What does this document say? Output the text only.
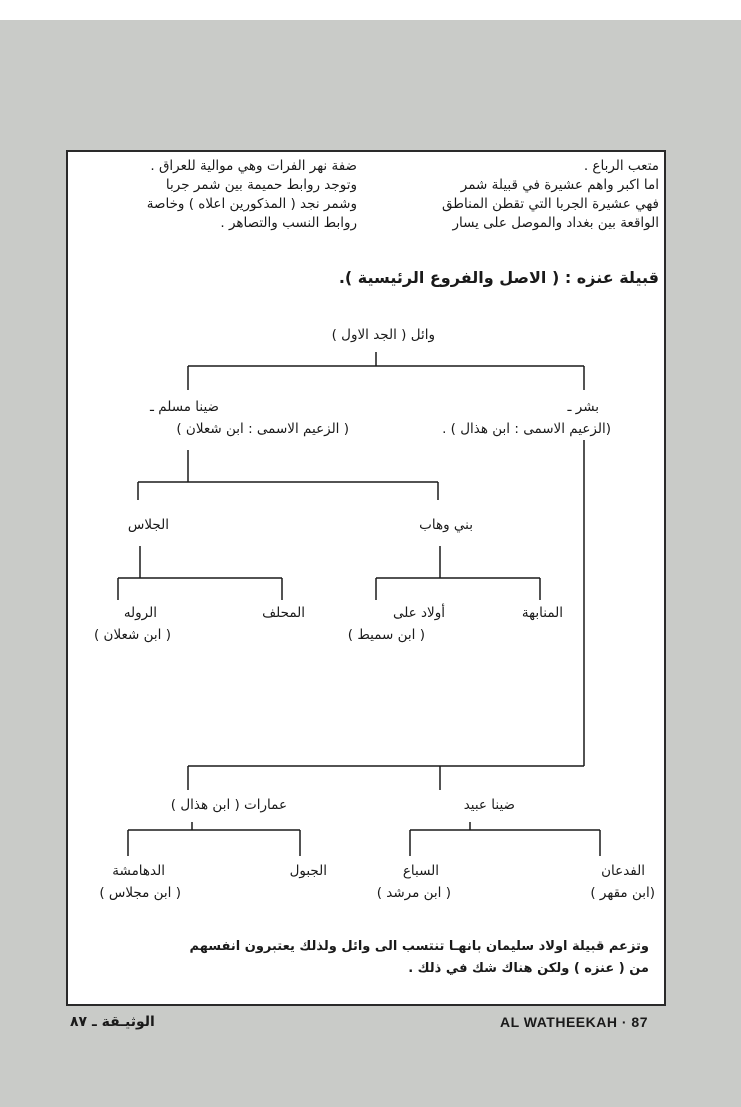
ضفة نهر الفرات وهي موالية للعراق .
وتوجد روابط حميمة بين شمر جربا
وشمر نجد ( المذكورين اعلاه ) وخاصة
روابط النسب والتصاهر .
متعب الرباع .
اما اكبر واهم عشيرة في قبيلة شمر
فهي عشيرة الجربا التي تقطن المناطق
الواقعة بين بغداد والموصل على يسار
قبيلة عنزه : ( الاصل والفروع الرئيسية ).
وائل ( الجد الاول )
ضينا مسلم ـ
( الزعيم الاسمى : ابن شعلان )
بشر ـ
(الزعيم الاسمى : ابن هذال ) .
الجلاس	بني وهاب
الروله
( ابن شعلان )
المحلف	أولاد على
( ابن سميط )
المنابهة
عمارات ( ابن هذال )	ضينا عبيد
الدهامشة
( ابن مجلاس )
الجبول	السباع
( ابن مرشد )
الفدعان
(ابن مقهر )
وتزعم قبيلة اولاد سليمان بانهـا تنتسب الى وائل ولذلك يعتبرون انفسهم
من ( عنزه ) ولكن هناك شك في ذلك .
الوثيـقة ـ ٨٧	AL WATHEEKAH · 87
